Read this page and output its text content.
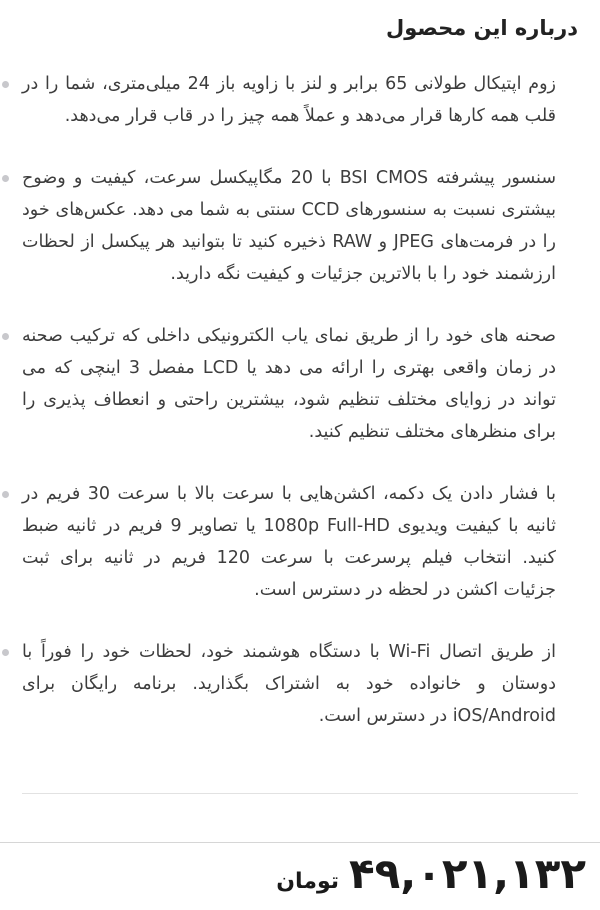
درباره این محصول
زوم اپتیکال طولانی 65 برابر و لنز با زاویه باز 24 میلی‌متری، شما را در قلب همه کارها قرار می‌دهد و عملاً همه چیز را در قاب قرار می‌دهد.
سنسور پیشرفته BSI CMOS با 20 مگاپیکسل سرعت، کیفیت و وضوح بیشتری نسبت به سنسورهای CCD سنتی به شما می دهد. عکس‌های خود را در فرمت‌های JPEG و RAW ذخیره کنید تا بتوانید هر پیکسل از لحظات ارزشمند خود را با بالاترین جزئیات و کیفیت نگه دارید.
صحنه های خود را از طریق نمای یاب الکترونیکی داخلی که ترکیب صحنه در زمان واقعی بهتری را ارائه می دهد یا LCD مفصل 3 اینچی که می تواند در زوایای مختلف تنظیم شود، بیشترین راحتی و انعطاف پذیری را برای منظرهای مختلف تنظیم کنید.
با فشار دادن یک دکمه، اکشن‌هایی با سرعت بالا با سرعت 30 فریم در ثانیه با کیفیت ویدیوی 1080p Full-HD یا تصاویر 9 فریم در ثانیه ضبط کنید. انتخاب فیلم پرسرعت با سرعت 120 فریم در ثانیه برای ثبت جزئیات اکشن در لحظه در دسترس است.
از طریق اتصال Wi-Fi با دستگاه هوشمند خود، لحظات خود را فوراً با دوستان و خانواده خود به اشتراک بگذارید. برنامه رایگان برای iOS/Android در دسترس است.
۴۹,۰۲۱,۱۳۲
تومان
